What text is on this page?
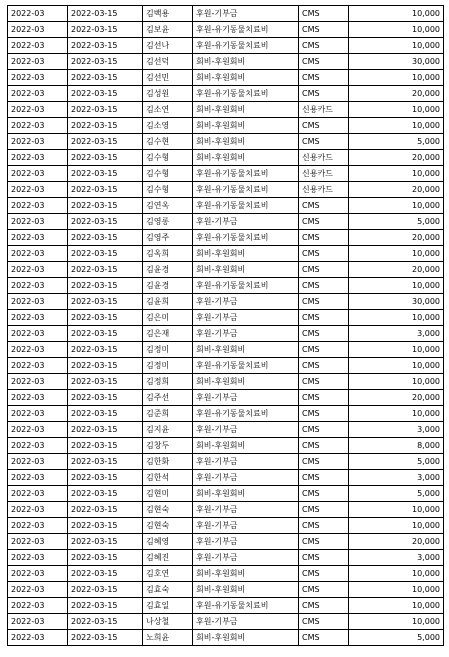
2022-03	2022-03-15	김백용	후원-기부금	CMS	10,000
2022-03	2022-03-15	김보윤	후원-유기동물치료비	CMS	10,000
2022-03	2022-03-15	김선나	후원-유기동물치료비	CMS	10,000
2022-03	2022-03-15	김선덕	회비-후원회비	CMS	30,000
2022-03	2022-03-15	김선민	회비-후원회비	CMS	10,000
2022-03	2022-03-15	김성원	후원-유기동물치료비	CMS	20,000
2022-03	2022-03-15	김소연	회비-후원회비	신용카드	10,000
2022-03	2022-03-15	김소영	회비-후원회비	CMS	10,000
2022-03	2022-03-15	김수현	회비-후원회비	CMS	5,000
2022-03	2022-03-15	김수형	회비-후원회비	신용카드	20,000
2022-03	2022-03-15	김수형	후원-유기동물치료비	신용카드	10,000
2022-03	2022-03-15	김수형	후원-유기동물치료비	신용카드	20,000
2022-03	2022-03-15	김연옥	후원-유기동물치료비	CMS	10,000
2022-03	2022-03-15	김영롱	후원-기부금	CMS	5,000
2022-03	2022-03-15	김영주	후원-유기동물치료비	CMS	20,000
2022-03	2022-03-15	김옥희	회비-후원회비	CMS	10,000
2022-03	2022-03-15	김윤경	회비-후원회비	CMS	20,000
2022-03	2022-03-15	김윤경	후원-유기동물치료비	CMS	10,000
2022-03	2022-03-15	김윤희	후원-기부금	CMS	30,000
2022-03	2022-03-15	김은미	후원-기부금	CMS	10,000
2022-03	2022-03-15	김은재	후원-기부금	CMS	3,000
2022-03	2022-03-15	김정미	회비-후원회비	CMS	10,000
2022-03	2022-03-15	김정미	후원-유기동물치료비	CMS	10,000
2022-03	2022-03-15	김정희	회비-후원회비	CMS	10,000
2022-03	2022-03-15	김주선	후원-기부금	CMS	20,000
2022-03	2022-03-15	김준희	후원-유기동물치료비	CMS	10,000
2022-03	2022-03-15	김지윤	후원-기부금	CMS	3,000
2022-03	2022-03-15	김창두	회비-후원회비	CMS	8,000
2022-03	2022-03-15	김한화	후원-기부금	CMS	5,000
2022-03	2022-03-15	김한석	후원-기부금	CMS	3,000
2022-03	2022-03-15	김현미	회비-후원회비	CMS	5,000
2022-03	2022-03-15	김현숙	후원-기부금	CMS	10,000
2022-03	2022-03-15	김현숙	후원-기부금	CMS	10,000
2022-03	2022-03-15	김혜영	후원-기부금	CMS	20,000
2022-03	2022-03-15	김혜진	후원-기부금	CMS	3,000
2022-03	2022-03-15	김호연	회비-후원회비	CMS	10,000
2022-03	2022-03-15	김효숙	회비-후원회비	CMS	10,000
2022-03	2022-03-15	김효일	후원-유기동물치료비	CMS	10,000
2022-03	2022-03-15	나상철	후원-기부금	CMS	10,000
2022-03	2022-03-15	노희윤	회비-후원회비	CMS	5,000
